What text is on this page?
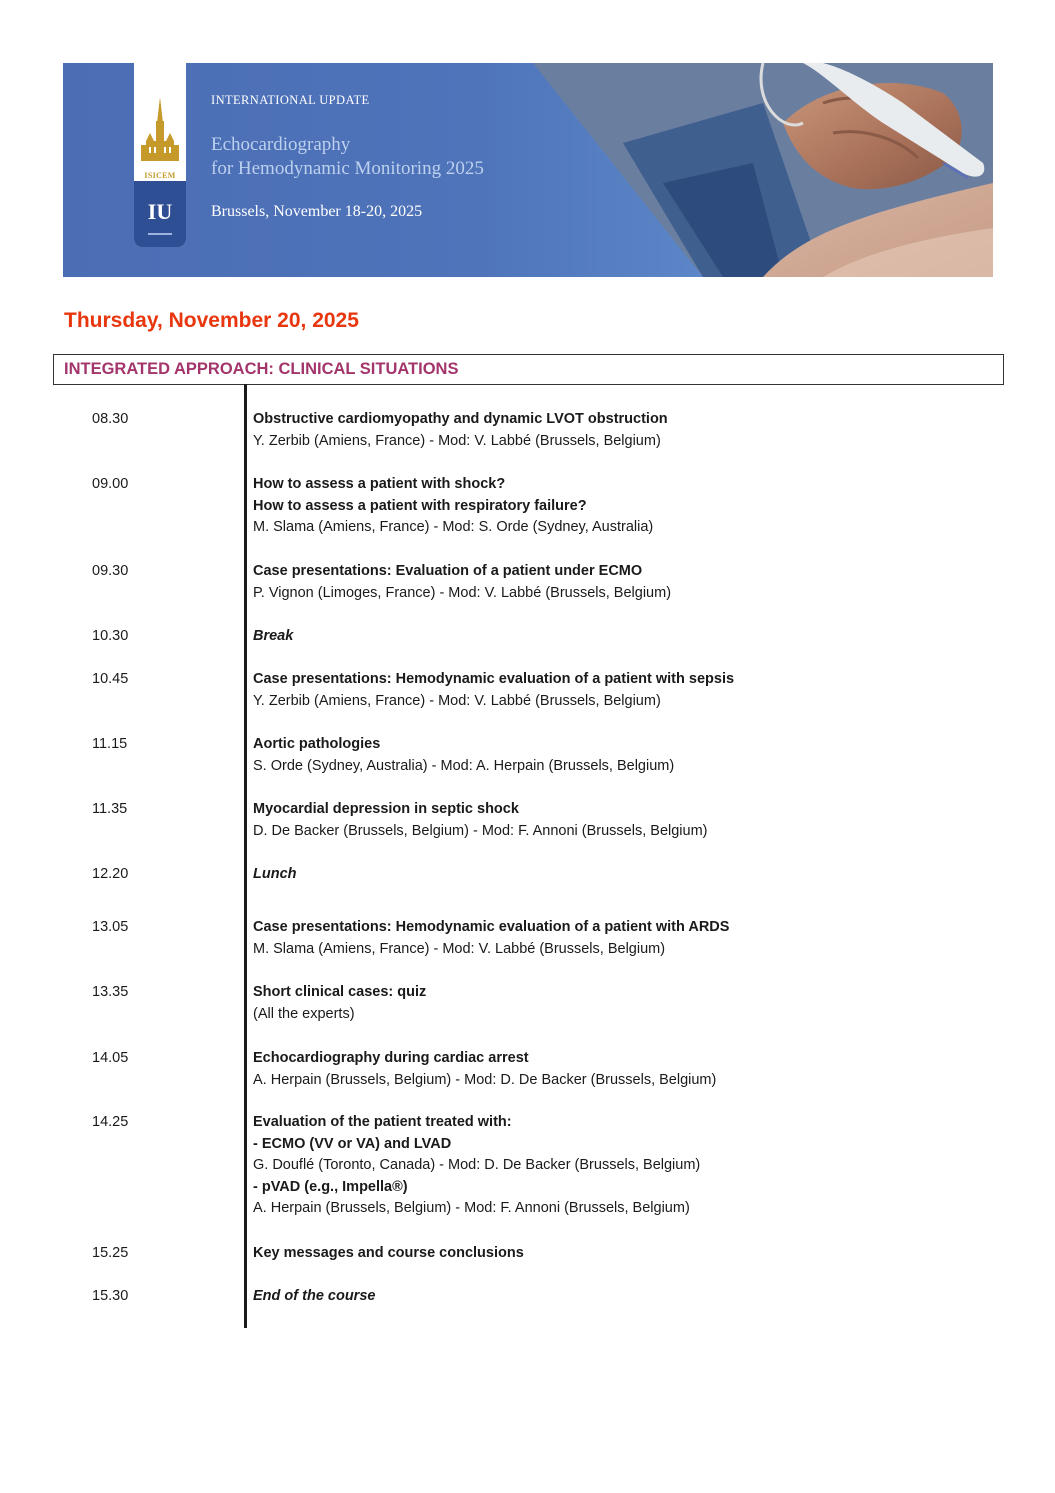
ISICEM
IU
INTERNATIONAL UPDATE
Echocardiography
for Hemodynamic Monitoring 2025
Brussels, November 18-20, 2025
Thursday, November 20, 2025
INTEGRATED APPROACH: CLINICAL SITUATIONS
08.30	Obstructive cardiomyopathy and dynamic LVOT obstruction
Y. Zerbib (Amiens, France) - Mod: V. Labbé (Brussels, Belgium)
09.00	How to assess a patient with shock?
How to assess a patient with respiratory failure?
M. Slama (Amiens, France) - Mod: S. Orde (Sydney, Australia)
09.30	Case presentations: Evaluation of a patient under ECMO
P. Vignon (Limoges, France) - Mod: V. Labbé (Brussels, Belgium)
10.30	Break
10.45	Case presentations: Hemodynamic evaluation of a patient with sepsis
Y. Zerbib (Amiens, France) - Mod: V. Labbé (Brussels, Belgium)
11.15	Aortic pathologies
S. Orde (Sydney, Australia) - Mod: A. Herpain (Brussels, Belgium)
11.35	Myocardial depression in septic shock
D. De Backer (Brussels, Belgium) - Mod: F. Annoni (Brussels, Belgium)
12.20	Lunch
13.05	Case presentations: Hemodynamic evaluation of a patient with ARDS
M. Slama (Amiens, France) - Mod: V. Labbé (Brussels, Belgium)
13.35	Short clinical cases: quiz
(All the experts)
14.05	Echocardiography during cardiac arrest
A. Herpain (Brussels, Belgium) - Mod: D. De Backer (Brussels, Belgium)
14.25	Evaluation of the patient treated with:
- ECMO (VV or VA) and LVAD
G. Douflé (Toronto, Canada) - Mod: D. De Backer (Brussels, Belgium)
- pVAD (e.g., Impella®)
A. Herpain (Brussels, Belgium) - Mod: F. Annoni (Brussels, Belgium)
15.25	Key messages and course conclusions
15.30	End of the course
